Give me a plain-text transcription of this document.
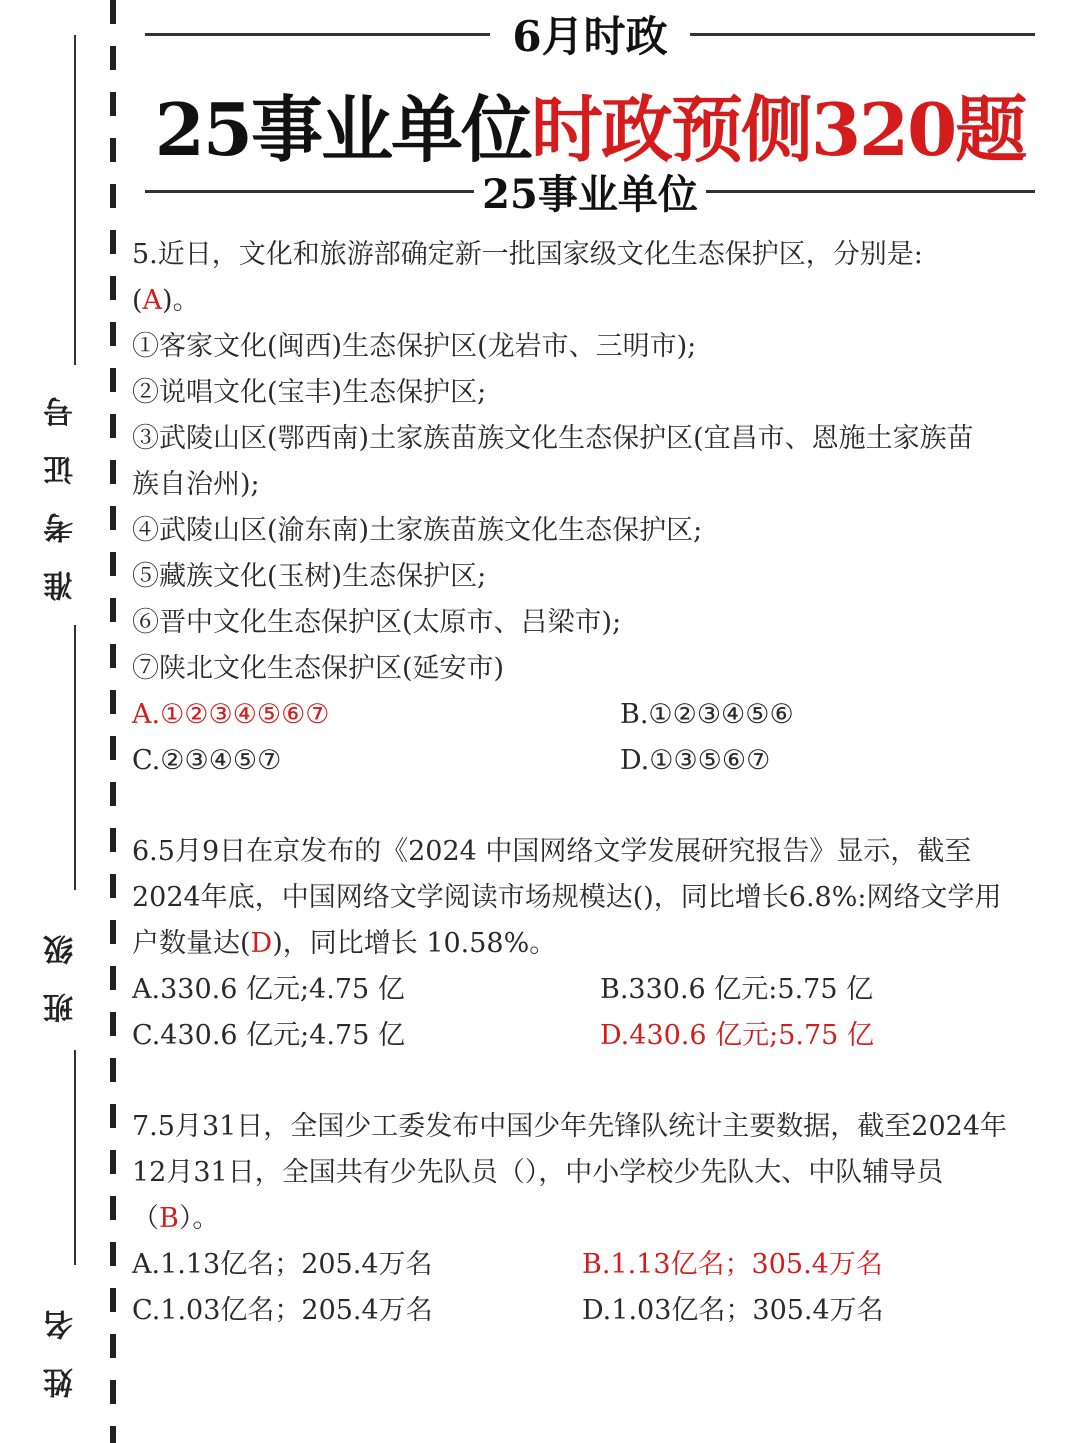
准考证号
班级
姓名
6月时政
25事业单位时政预侧320题
25事业单位
5.近日，文化和旅游部确定新一批国家级文化生态保护区，分别是:
(A)。
①客家文化(闽西)生态保护区(龙岩市、三明市);
②说唱文化(宝丰)生态保护区;
③武陵山区(鄂西南)土家族苗族文化生态保护区(宜昌市、恩施土家族苗
族自治州);
④武陵山区(渝东南)土家族苗族文化生态保护区;
⑤藏族文化(玉树)生态保护区;
⑥晋中文化生态保护区(太原市、吕梁市);
⑦陕北文化生态保护区(延安市)
A.①②③④⑤⑥⑦	B.①②③④⑤⑥
C.②③④⑤⑦	D.①③⑤⑥⑦
6.5月9日在京发布的《2024 中国网络文学发展研究报告》显示，截至
2024年底，中国网络文学阅读市场规模达()，同比增长6.8%:网络文学用
户数量达(D)，同比增长 10.58%。
A.330.6 亿元;4.75 亿	B.330.6 亿元:5.75 亿
C.430.6 亿元;4.75 亿	D.430.6 亿元;5.75 亿
7.5月31日，全国少工委发布中国少年先锋队统计主要数据，截至2024年
12月31日，全国共有少先队员（），中小学校少先队大、中队辅导员
（B）。
A.1.13亿名；205.4万名	B.1.13亿名；305.4万名
C.1.03亿名；205.4万名	D.1.03亿名；305.4万名
